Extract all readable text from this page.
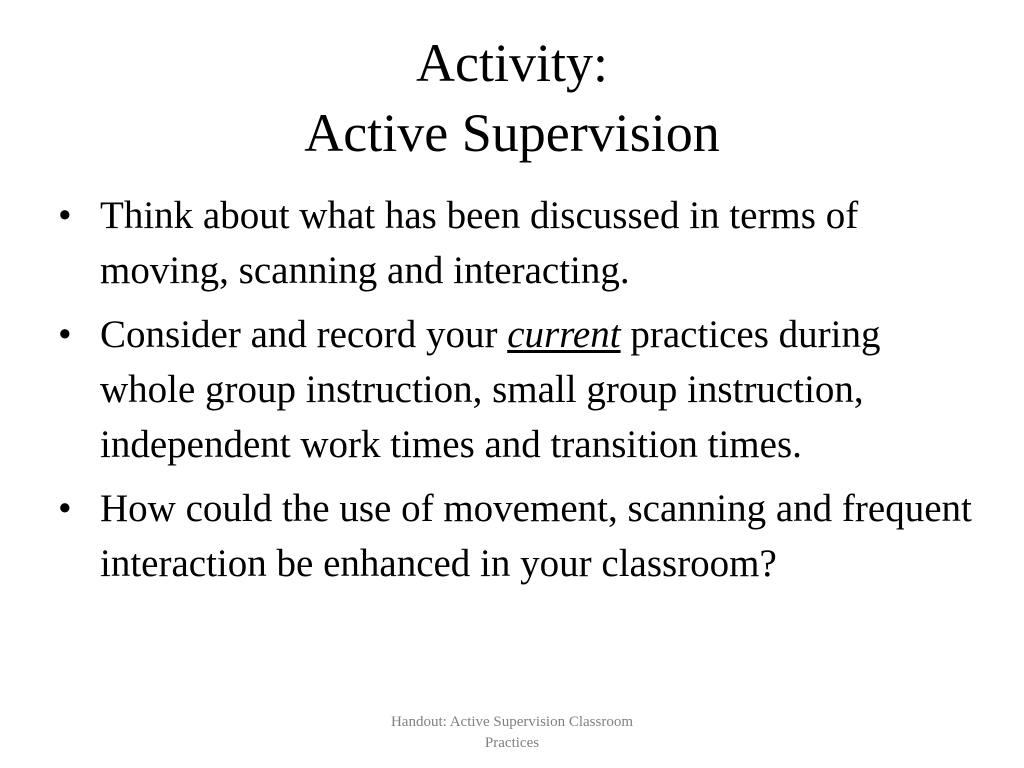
Activity:
Active Supervision
• Think about what has been discussed in terms of moving, scanning and interacting.
• Consider and record your current practices during whole group instruction, small group instruction, independent work times and transition times.
• How could the use of movement, scanning and frequent interaction be enhanced in your classroom?
Handout: Active Supervision Classroom
Practices
